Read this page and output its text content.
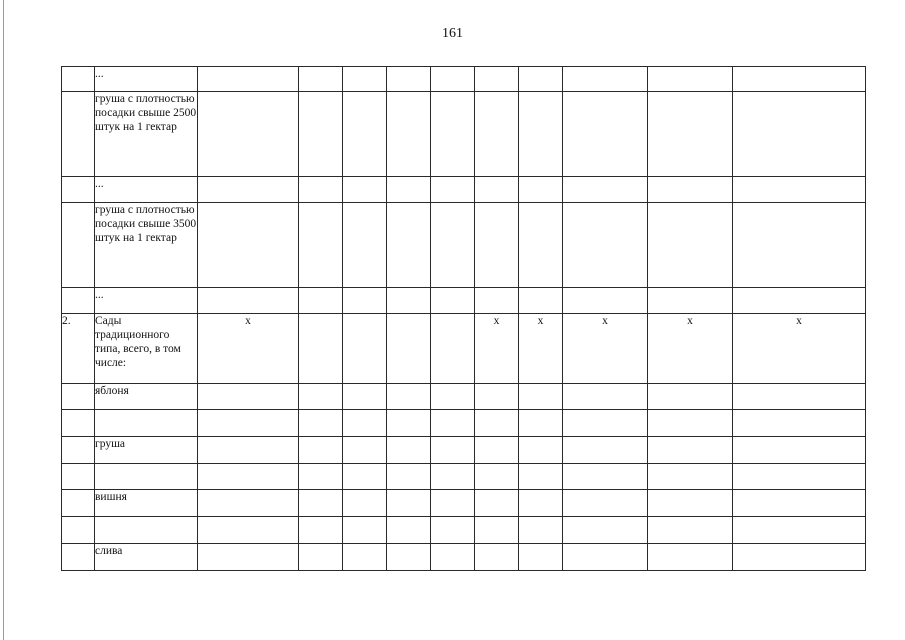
161
	...										
	груша с плотностью посадки свыше 2500 штук на 1 гектар										
	...										
	груша с плотностью посадки свыше 3500 штук на 1 гектар										
	...										
2.	Сады традиционного типа, всего, в том числе:	x					x	x	x	x	x
	яблоня										

	груша										

	вишня										

	слива										
